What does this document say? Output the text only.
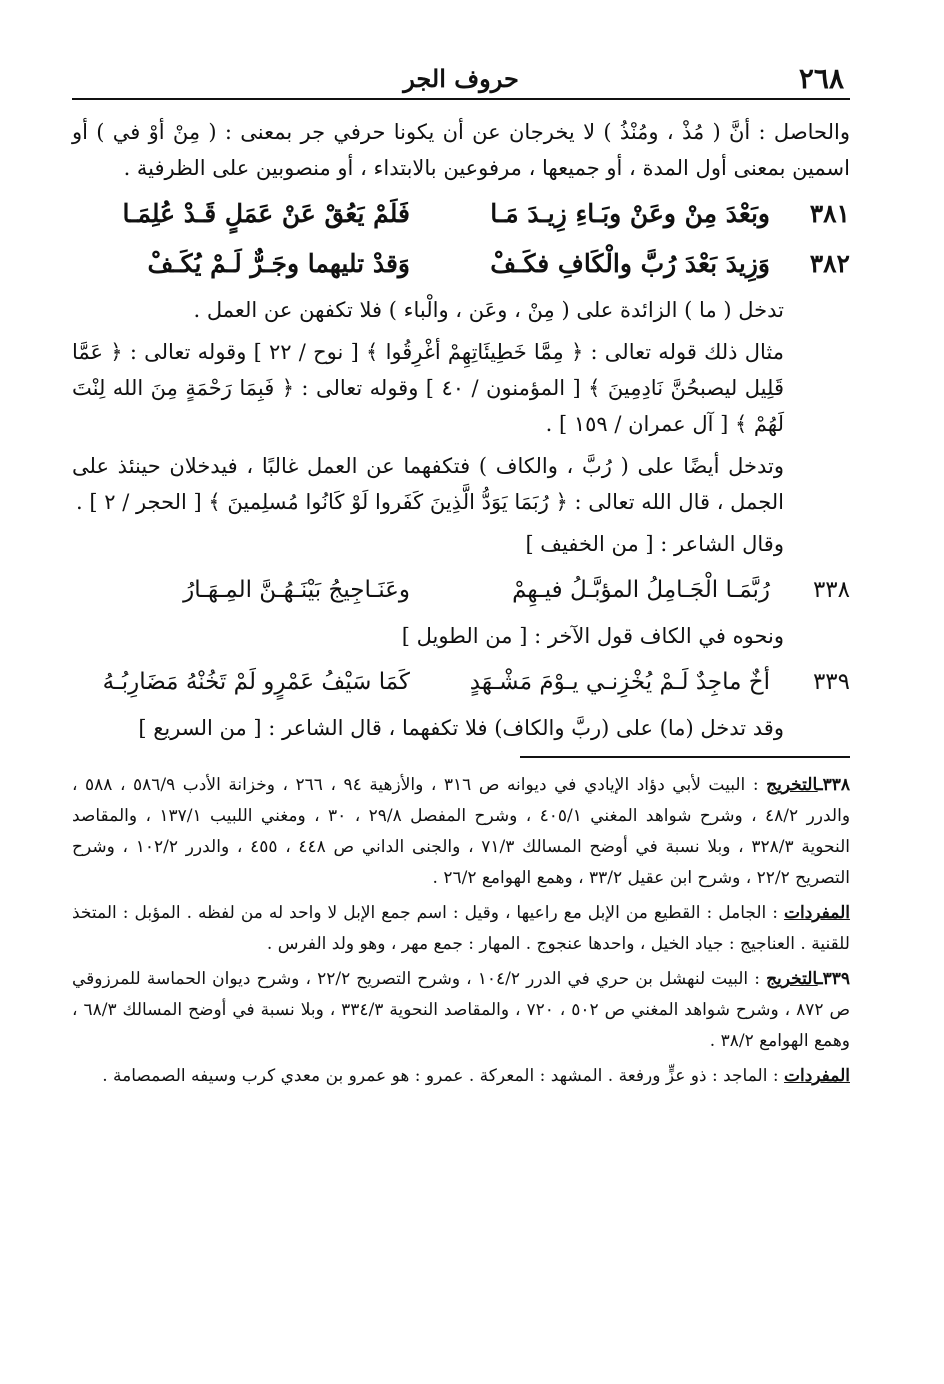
٢٦٨
حروف الجر

والحاصل : أنَّ ( مُذْ ، ومُنْذُ ) لا يخرجان عن أن يكونا حرفي جر بمعنى : ( مِنْ أوْ في ) أو اسمين بمعنى أول المدة ، أو جميعها ، مرفوعين بالابتداء ، أو منصوبين على الظرفية .

٣٨١
وبَعْدَ مِنْ وعَنْ وبَـاءِ زِيـدَ مَـا
فَلَمْ يَعُقْ عَنْ عَمَلٍ قَـدْ عُلِمَـا
٣٨٢
وَزِيدَ بَعْدَ رُبَّ والْكَافِ فكَـفْ
وَقدْ تليهما وجَـرٌّ لَـمْ يُكَـفْ

تدخل ( ما ) الزائدة على ( مِنْ ، وعَن ، والْباء ) فلا تكفهن عن العمل .

مثال ذلك قوله تعالى : ﴿ مِمَّا خَطِيئَاتِهِمْ أغْرِقُوا ﴾ [ نوح / ٢٢ ] وقوله تعالى : ﴿ عَمَّا قَلِيل ليصبحُنَّ نَادِمِينَ ﴾ [ المؤمنون / ٤٠ ] وقوله تعالى : ﴿ فَبِمَا رَحْمَةٍ مِنَ الله لِنْتَ لَهُمْ ﴾ [ آل عمران / ١٥٩ ] .

وتدخل أيضًا على ( رُبَّ ، والكاف ) فتكفهما عن العمل غالبًا ، فيدخلان حينئذ على الجمل ، قال الله تعالى : ﴿ رُبَمَا يَوَدُّ الَّذِينَ كَفَروا لَوْ كَانُوا مُسلِمينَ ﴾ [ الحجر / ٢ ] .

وقال الشاعر : [ من الخفيف ]

٣٣٨
رُبَّمَـا الْجَـامِلُ المؤبَّـلُ فيـهِمْ
وعَنَـاجِيجُ بَيْنَـهُـنَّ المِـهَـارُ

ونحوه في الكاف قول الآخر : [ من الطويل ]

٣٣٩
أخٌ ماجِدٌ لَـمْ يُخْزِنـي يـوْمَ مَشْـهَدٍ
كَمَا سَيْفُ عَمْرٍو لَمْ تَخُنْهُ مَضَارِبُـهُ

وقد تدخل (ما) على (ربَّ والكاف) فلا تكفهما ، قال الشاعر : [ من السريع ]

٣٣٨ـالتخريج : البيت لأبي دؤاد الإيادي في ديوانه ص ٣١٦ ، والأزهية ٩٤ ، ٢٦٦ ، وخزانة الأدب ٥٨٦/٩ ، ٥٨٨ ، والدرر ٤٨/٢ ، وشرح شواهد المغني ٤٠٥/١ ، وشرح المفصل ٢٩/٨ ، ٣٠ ، ومغني اللبيب ١٣٧/١ ، والمقاصد النحوية ٣٢٨/٣ ، وبلا نسبة في أوضح المسالك ٧١/٣ ، والجنى الداني ص ٤٤٨ ، ٤٥٥ ، والدرر ١٠٢/٢ ، وشرح التصريح ٢٢/٢ ، وشرح ابن عقيل ٣٣/٢ ، وهمع الهوامع ٢٦/٢ .

المفردات : الجامل : القطيع من الإبل مع راعيها ، وقيل : اسم جمع الإبل لا واحد له من لفظه . المؤبل : المتخذ للقنية . العناجيج : جياد الخيل ، واحدها عنجوج . المهار : جمع مهر ، وهو ولد الفرس .

٣٣٩ـالتخريج : البيت لنهشل بن حري في الدرر ١٠٤/٢ ، وشرح التصريح ٢٢/٢ ، وشرح ديوان الحماسة للمرزوقي ص ٨٧٢ ، وشرح شواهد المغني ص ٥٠٢ ، ٧٢٠ ، والمقاصد النحوية ٣٣٤/٣ ، وبلا نسبة في أوضح المسالك ٦٨/٣ ، وهمع الهوامع ٣٨/٢ .

المفردات : الماجد : ذو عزٍّ ورفعة . المشهد : المعركة . عمرو : هو عمرو بن معدي كرب وسيفه الصمصامة .
